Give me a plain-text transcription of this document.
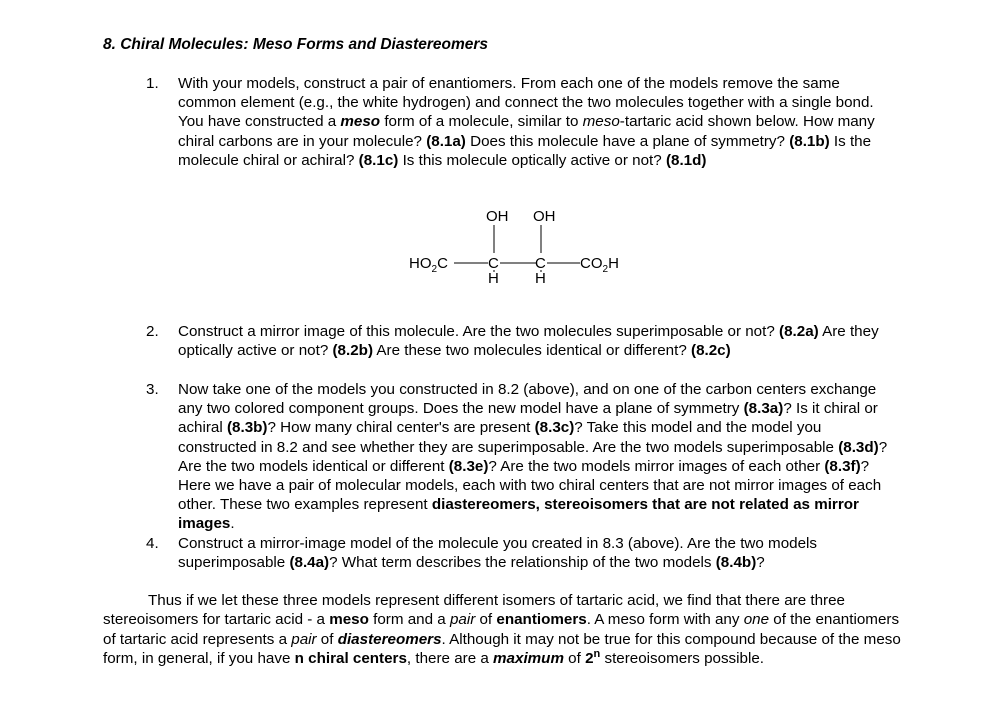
8. Chiral Molecules: Meso Forms and Diastereomers
1. With your models, construct a pair of enantiomers. From each one of the models remove the same common element (e.g., the white hydrogen) and connect the two molecules together with a single bond. You have constructed a meso form of a molecule, similar to meso-tartaric acid shown below. How many chiral carbons are in your molecule? (8.1a) Does this molecule have a plane of symmetry? (8.1b) Is the molecule chiral or achiral? (8.1c) Is this molecule optically active or not? (8.1d)
OH OH
$HO_2C$	C C $CO_2H$
H H
2. Construct a mirror image of this molecule. Are the two molecules superimposable or not? (8.2a) Are they optically active or not? (8.2b) Are these two molecules identical or different? (8.2c)
3. Now take one of the models you constructed in 8.2 (above), and on one of the carbon centers exchange any two colored component groups. Does the new model have a plane of symmetry (8.3a)? Is it chiral or achiral (8.3b)? How many chiral center's are present (8.3c)? Take this model and the model you constructed in 8.2 and see whether they are superimposable. Are the two models superimposable (8.3d)? Are the two models identical or different (8.3e)? Are the two models mirror images of each other (8.3f)? Here we have a pair of molecular models, each with two chiral centers that are not mirror images of each other. These two examples represent diastereomers, stereoisomers that are not related as mirror images.
4. Construct a mirror-image model of the molecule you created in 8.3 (above). Are the two models superimposable (8.4a)? What term describes the relationship of the two models (8.4b)?
Thus if we let these three models represent different isomers of tartaric acid, we find that there are three stereoisomers for tartaric acid - a meso form and a pair of enantiomers. A meso form with any one of the enantiomers of tartaric acid represents a pair of diastereomers. Although it may not be true for this compound because of the meso form, in general, if you have n chiral centers, there are a maximum of 2$^n$ stereoisomers possible.
